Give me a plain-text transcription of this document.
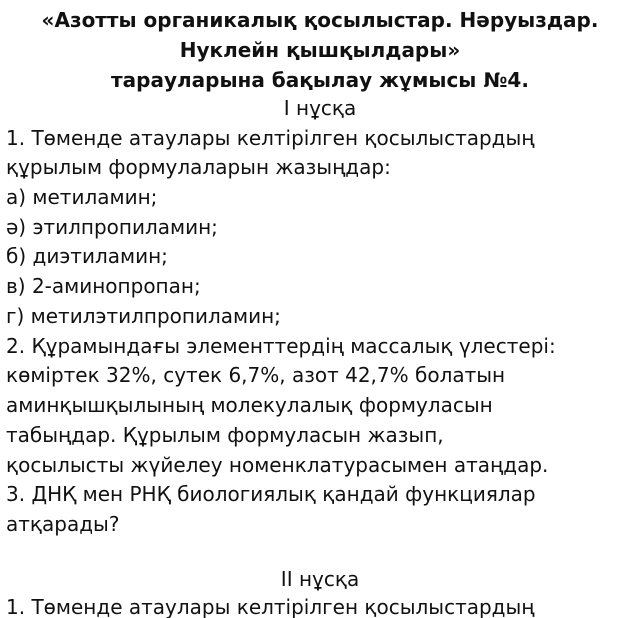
«Азотты органикалық қосылыстар. Нәруыздар.
Нуклейн қышқылдары»
тарауларына бақылау жұмысы №4.
І нұсқа
1. Төменде атаулары келтірілген қосылыстардың
құрылым формулаларын жазыңдар:
а) метиламин;
ә) этилпропиламин;
б) диэтиламин;
в) 2-аминопропан;
г) метилэтилпропиламин;
2. Құрамындағы элементтердің массалық үлестері:
көміртек 32%, сутек 6,7%, азот 42,7% болатын
аминқышқылының молекулалық формуласын
табыңдар. Құрылым формуласын жазып,
қосылысты жүйелеу номенклатурасымен атаңдар.
3. ДНҚ мен РНҚ биологиялық қандай функциялар
атқарады?
ІІ нұсқа
1. Төменде атаулары келтірілген қосылыстардың
